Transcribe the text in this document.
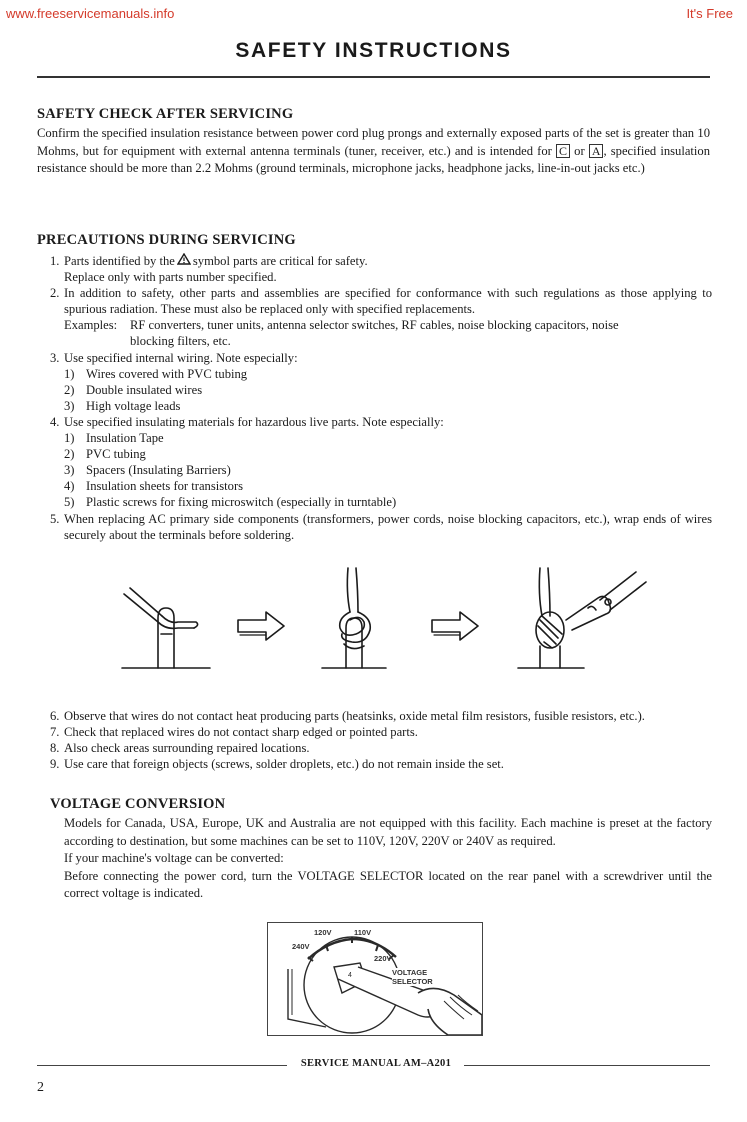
www.freeservicemanuals.info	It's Free
SAFETY INSTRUCTIONS
SAFETY CHECK AFTER SERVICING
Confirm the specified insulation resistance between power cord plug prongs and externally exposed parts of the set is greater than 10 Mohms, but for equipment with external antenna terminals (tuner, receiver, etc.) and is intended for C or A , specified insulation resistance should be more than 2.2 Mohms (ground terminals, microphone jacks, headphone jacks, line-in-out jacks etc.)
PRECAUTIONS DURING SERVICING
1. Parts identified by the symbol parts are critical for safety.
Replace only with parts number specified.
2. In addition to safety, other parts and assemblies are specified for conformance with such regulations as those applying to spurious radiation. These must also be replaced only with specified replacements.
Examples:	RF converters, tuner units, antenna selector switches, RF cables, noise blocking capacitors, noise
blocking filters, etc.
3. Use specified internal wiring. Note especially:
1) Wires covered with PVC tubing
2) Double insulated wires
3) High voltage leads
4. Use specified insulating materials for hazardous live parts. Note especially:
1) Insulation Tape
2) PVC tubing
3) Spacers (Insulating Barriers)
4) Insulation sheets for transistors
5) Plastic screws for fixing microswitch (especially in turntable)
5. When replacing AC primary side components (transformers, power cords, noise blocking capacitors, etc.), wrap ends of wires securely about the terminals before soldering.
6. Observe that wires do not contact heat producing parts (heatsinks, oxide metal film resistors, fusible resistors, etc.).
7. Check that replaced wires do not contact sharp edged or pointed parts.
8. Also check areas surrounding repaired locations.
9. Use care that foreign objects (screws, solder droplets, etc.) do not remain inside the set.
VOLTAGE CONVERSION

Models for Canada, USA, Europe, UK and Australia are not equipped with this facility. Each machine is preset at the factory according to destination, but some machines can be set to 110V, 120V, 220V or 240V as required.

If your machine's voltage can be converted:

Before connecting the power cord, turn the VOLTAGE SELECTOR located on the rear panel with a screwdriver until the correct voltage is indicated.

4
120V	110V
240V
220V
VOLTAGE
SELECTOR
SERVICE MANUAL AM–A201
2
